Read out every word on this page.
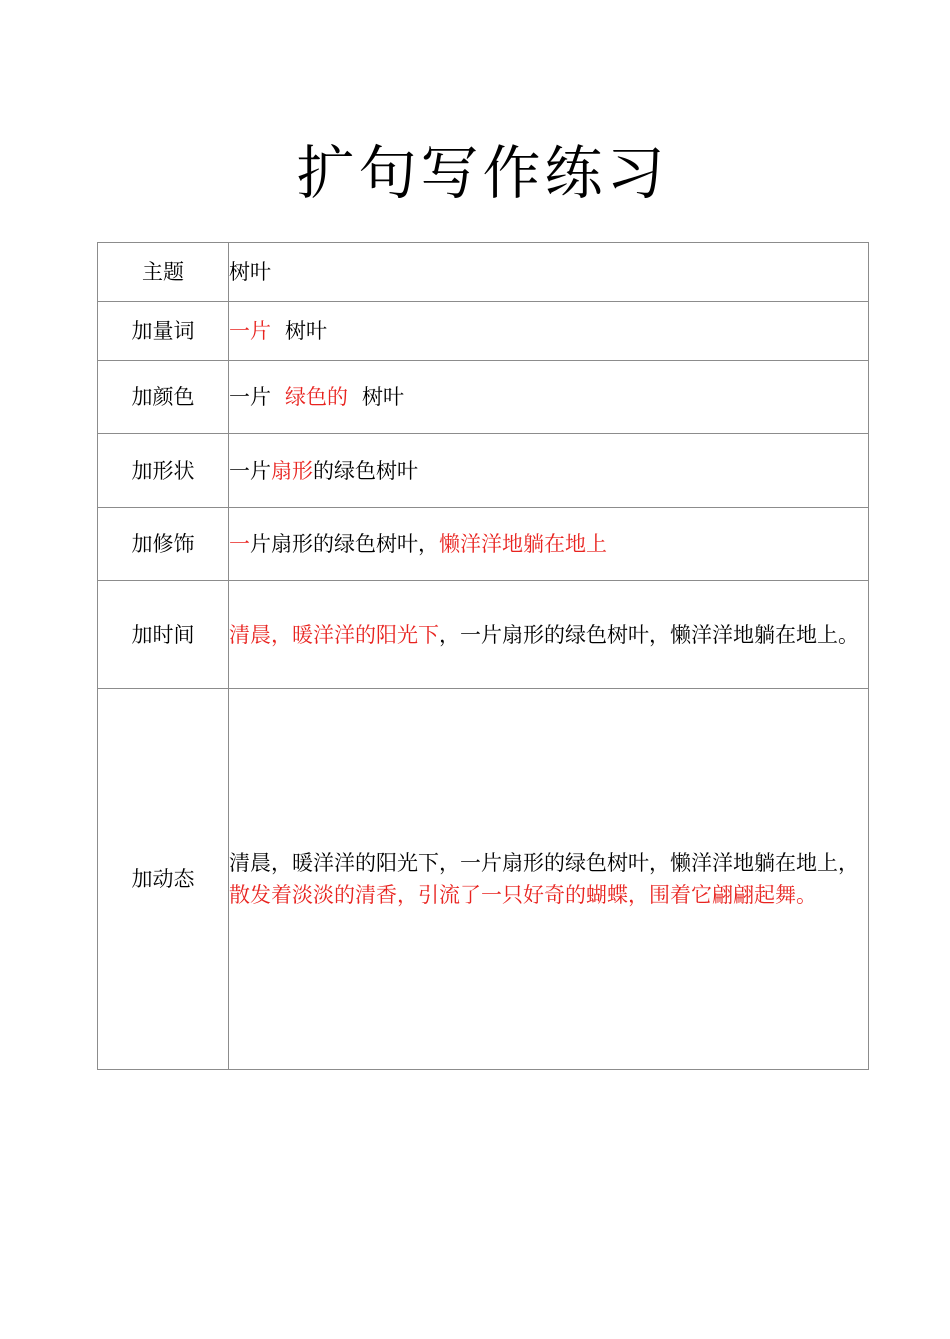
扩句写作练习
主题	树叶
加量词	一片 树叶
加颜色	一片 绿色的 树叶
加形状	一片扇形的绿色树叶
加修饰	一片扇形的绿色树叶，懒洋洋地躺在地上
加时间	清晨，暖洋洋的阳光下，一片扇形的绿色树叶，懒洋洋地躺在地上。
加动态	清晨，暖洋洋的阳光下，一片扇形的绿色树叶，懒洋洋地躺在地上，散发着淡淡的清香，引流了一只好奇的蝴蝶，围着它翩翩起舞。
